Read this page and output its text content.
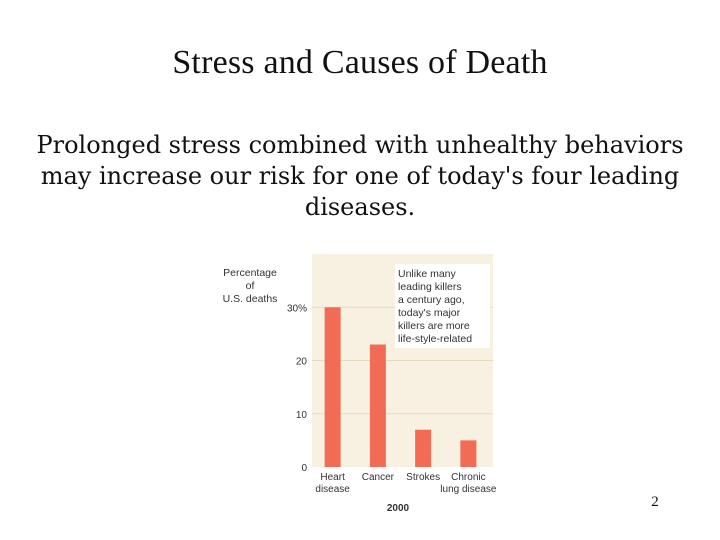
Stress and Causes of Death
Prolonged stress combined with unhealthy behaviors may increase our risk for one of today's four leading diseases.
0
10
20
30%
Percentage
of
U.S. deaths
Heart
disease
Cancer Strokes Chronic
lung disease
2000
Unlike many
leading killers
a century ago,
today's major
killers are more
life-style-related
2
